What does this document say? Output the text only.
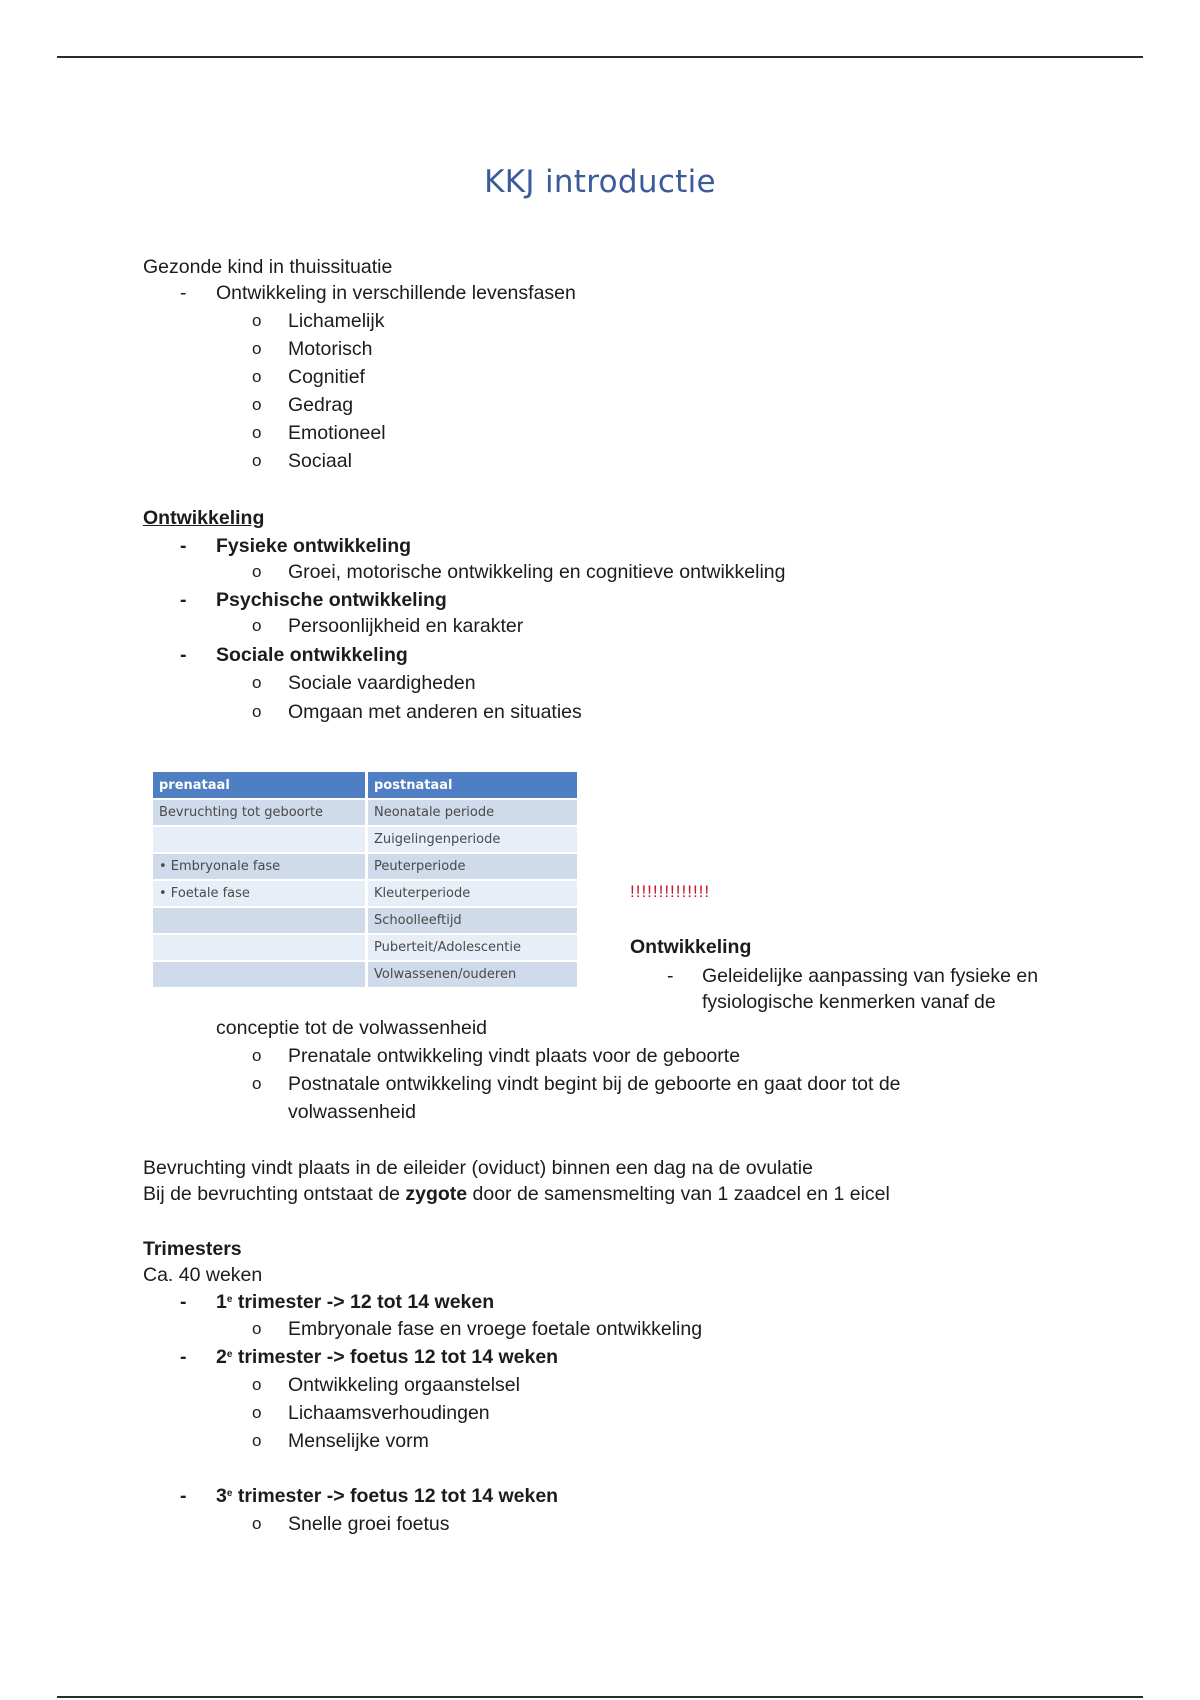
KKJ introductie
Gezonde kind in thuissituatie
- Ontwikkeling in verschillende levensfasen
o Lichamelijk
o Motorisch
o Cognitief
o Gedrag
o Emotioneel
o Sociaal
Ontwikkeling
- Fysieke ontwikkeling
o Groei, motorische ontwikkeling en cognitieve ontwikkeling
- Psychische ontwikkeling
o Persoonlijkheid en karakter
- Sociale ontwikkeling
o Sociale vaardigheden
o Omgaan met anderen en situaties
prenataal	postnataal
Bevruchting tot geboorte	Neonatale periode
	Zuigelingenperiode
• Embryonale fase	Peuterperiode
• Foetale fase	Kleuterperiode
	Schoolleeftijd
	Puberteit/Adolescentie
	Volwassenen/ouderen
!!!!!!!!!!!!!!
Ontwikkeling
- Geleidelijke aanpassing van fysieke en
fysiologische kenmerken vanaf de
conceptie tot de volwassenheid
o Prenatale ontwikkeling vindt plaats voor de geboorte
o Postnatale ontwikkeling vindt begint bij de geboorte en gaat door tot de
volwassenheid
Bevruchting vindt plaats in de eileider (oviduct) binnen een dag na de ovulatie
Bij de bevruchting ontstaat de zygote door de samensmelting van 1 zaadcel en 1 eicel
Trimesters
Ca. 40 weken
- 1e trimester -> 12 tot 14 weken
o Embryonale fase en vroege foetale ontwikkeling
- 2e trimester -> foetus 12 tot 14 weken
o Ontwikkeling orgaanstelsel
o Lichaamsverhoudingen
o Menselijke vorm
- 3e trimester -> foetus 12 tot 14 weken
o Snelle groei foetus
